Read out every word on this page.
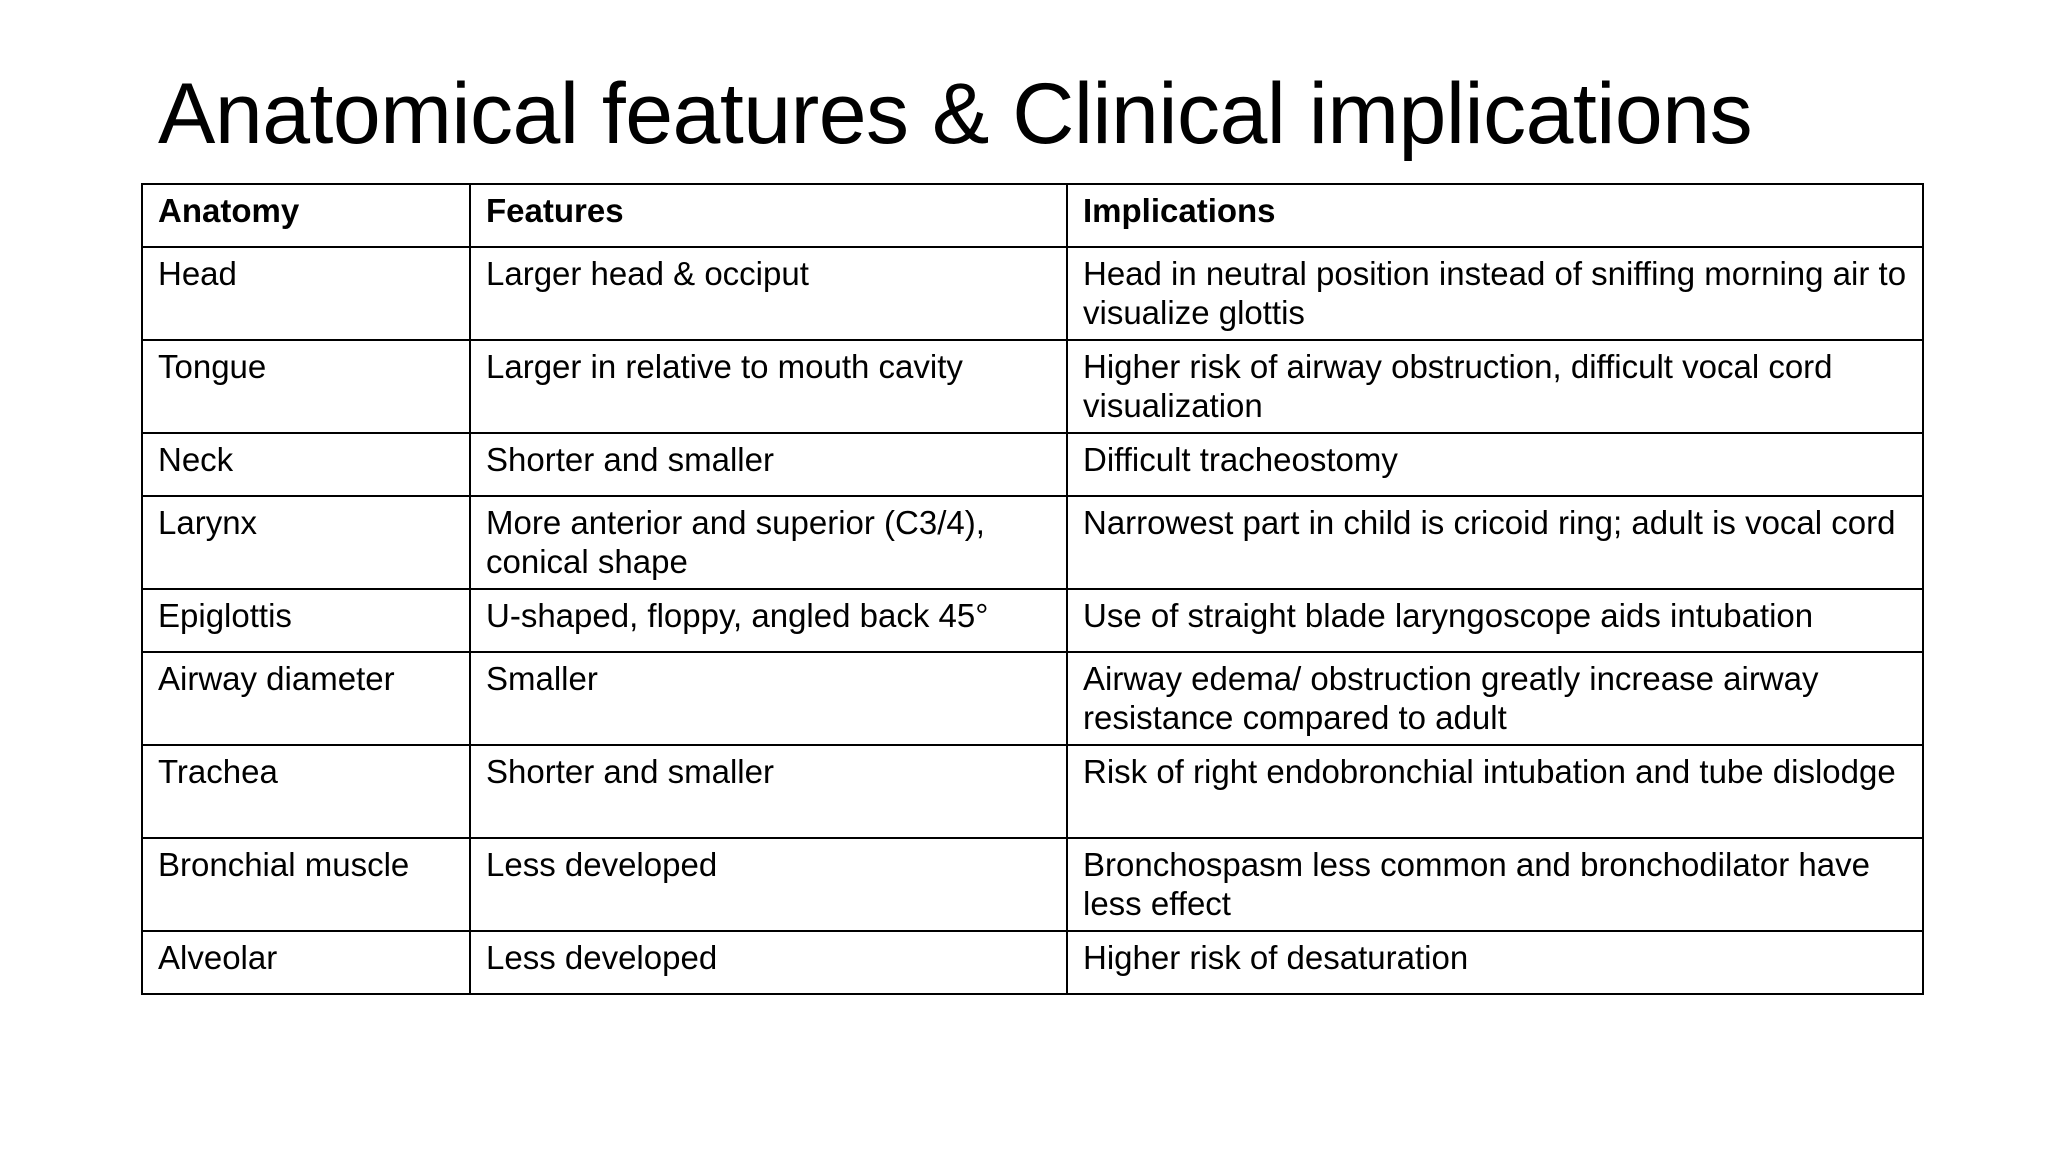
Anatomical features & Clinical implications
Anatomy	Features	Implications
Head	Larger head & occiput	Head in neutral position instead of sniffing morning air to visualize glottis
Tongue	Larger in relative to mouth cavity	Higher risk of airway obstruction, difficult vocal cord visualization
Neck	Shorter and smaller	Difficult tracheostomy
Larynx	More anterior and superior (C3/4), conical shape	Narrowest part in child is cricoid ring; adult is vocal cord
Epiglottis	U-shaped, floppy, angled back 45°	Use of straight blade laryngoscope aids intubation
Airway diameter	Smaller	Airway edema/ obstruction greatly increase airway resistance compared to adult
Trachea	Shorter and smaller	Risk of right endobronchial intubation and tube dislodge
Bronchial muscle	Less developed	Bronchospasm less common and bronchodilator have less effect
Alveolar	Less developed	Higher risk of desaturation
